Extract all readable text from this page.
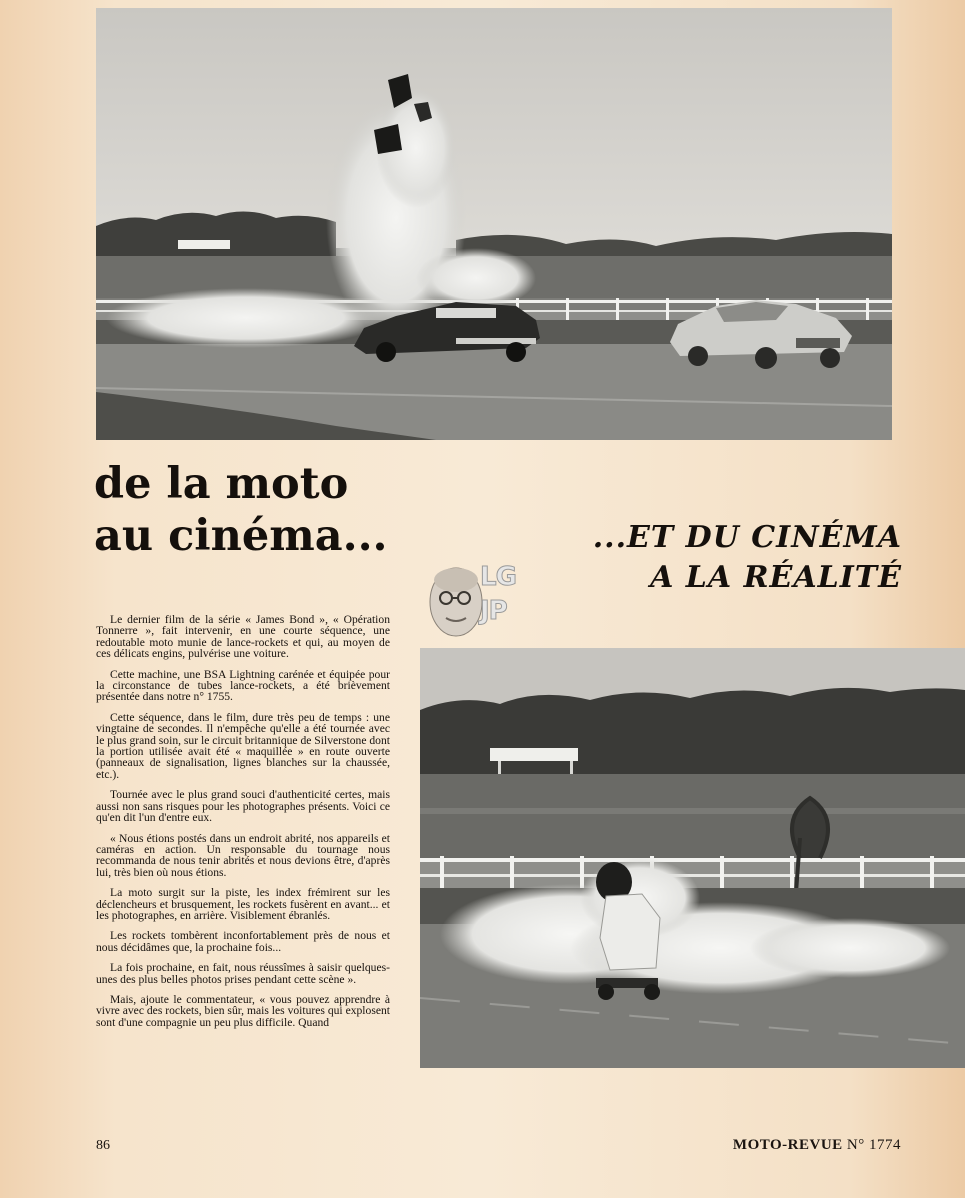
de la moto
au cinéma...	...ET DU CINÉMA
A LA RÉALITÉ
LG
JP

Le dernier film de la série « James Bond », « Opération Tonnerre », fait intervenir, en une courte séquence, une redoutable moto munie de lance-rockets et qui, au moyen de ces délicats engins, pulvérise une voiture.

Cette machine, une BSA Lightning carénée et équipée pour la circonstance de tubes lance-rockets, a été brièvement présentée dans notre n° 1755.

Cette séquence, dans le film, dure très peu de temps : une vingtaine de secondes. Il n'empêche qu'elle a été tournée avec le plus grand soin, sur le circuit britannique de Silverstone dont la portion utilisée avait été « maquillée » en route ouverte (panneaux de signalisation, lignes blanches sur la chaussée, etc.).

Tournée avec le plus grand souci d'authenticité certes, mais aussi non sans risques pour les photographes présents. Voici ce qu'en dit l'un d'entre eux.

« Nous étions postés dans un endroit abrité, nos appareils et caméras en action. Un responsable du tournage nous recommanda de nous tenir abrités et nous devions être, d'après lui, très bien où nous étions.

La moto surgit sur la piste, les index frémirent sur les déclencheurs et brusquement, les rockets fusèrent en avant... et les photographes, en arrière. Visiblement ébranlés.

Les rockets tombèrent inconfortablement près de nous et nous décidâmes que, la prochaine fois...

La fois prochaine, en fait, nous réussîmes à saisir quelques-unes des plus belles photos prises pendant cette scène ».

Mais, ajoute le commentateur, « vous pouvez apprendre à vivre avec des rockets, bien sûr, mais les voitures qui explosent sont d'une compagnie un peu plus difficile. Quand

86	MOTO-REVUE N° 1774
